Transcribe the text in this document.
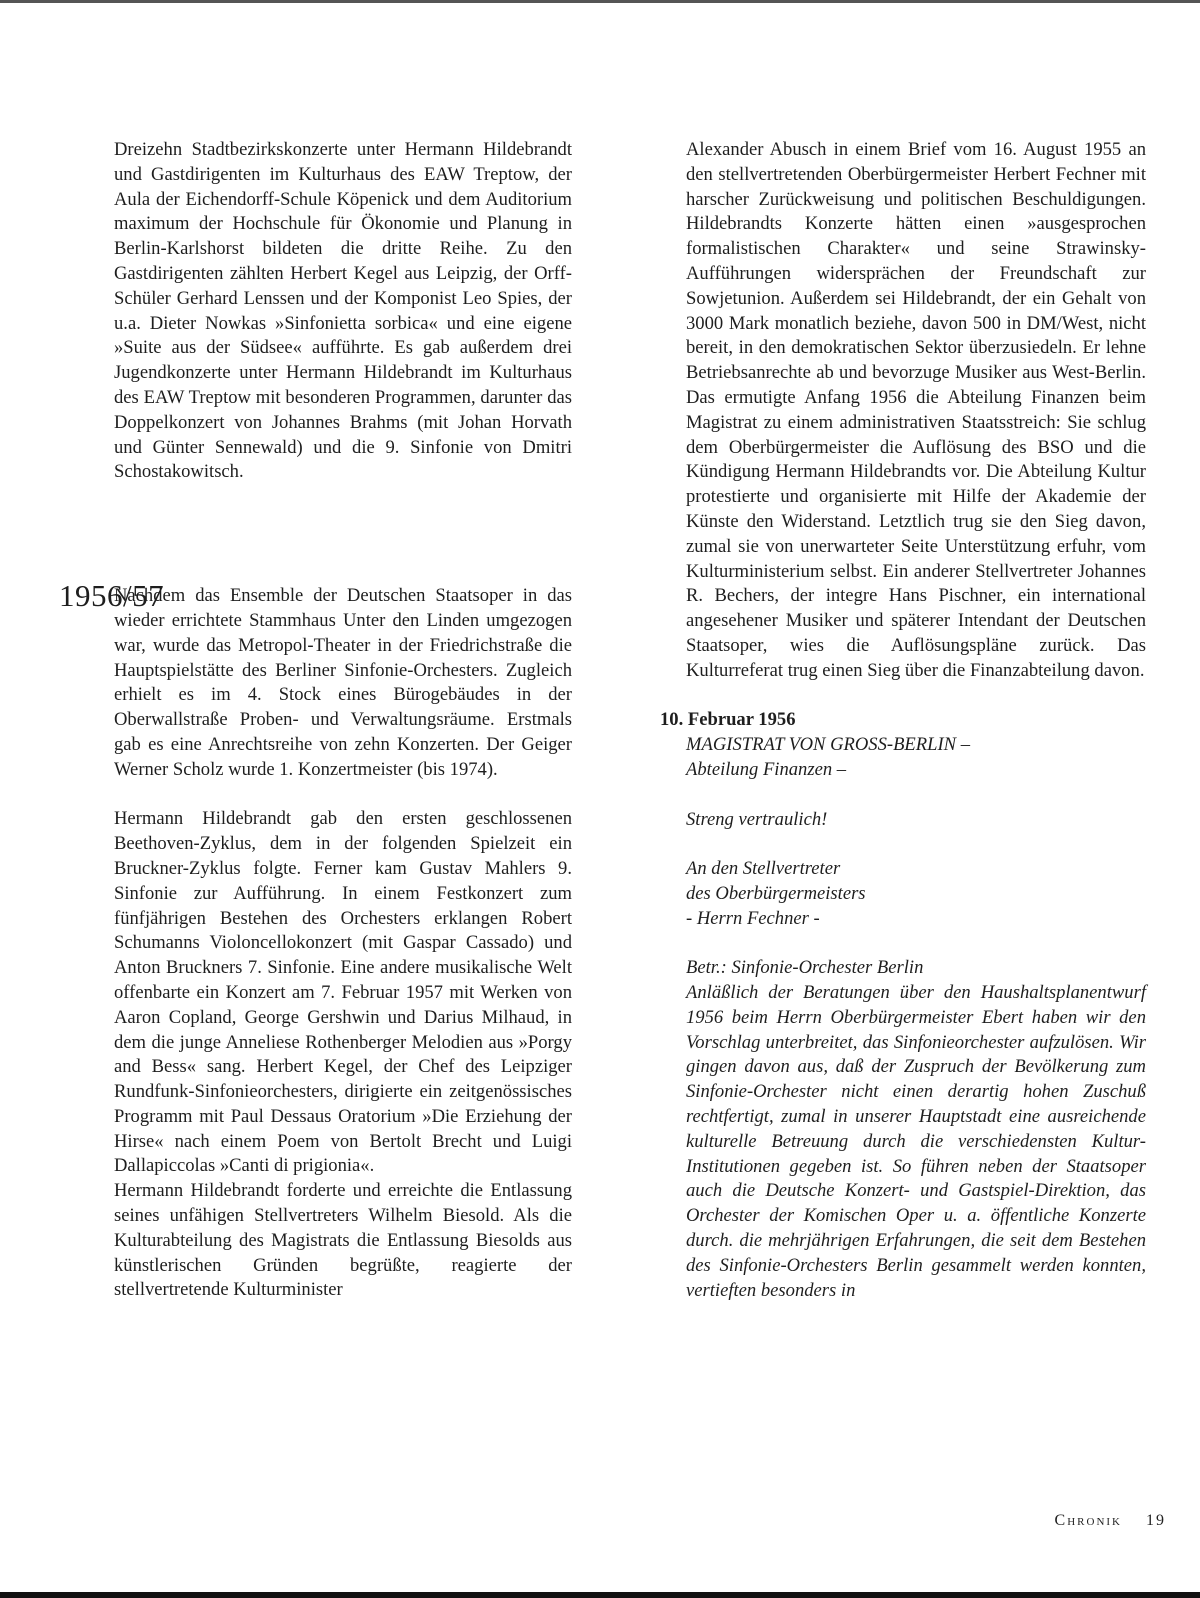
Dreizehn Stadtbezirkskonzerte unter Hermann Hildebrandt und Gastdirigenten im Kulturhaus des EAW Treptow, der Aula der Eichendorff-Schule Köpenick und dem Auditorium maximum der Hochschule für Ökonomie und Planung in Berlin-Karlshorst bildeten die dritte Reihe. Zu den Gastdirigenten zählten Herbert Kegel aus Leipzig, der Orff-Schüler Gerhard Lenssen und der Komponist Leo Spies, der u.a. Dieter Nowkas »Sinfonietta sorbica« und eine eigene »Suite aus der Südsee« aufführte. Es gab außerdem drei Jugendkonzerte unter Hermann Hildebrandt im Kulturhaus des EAW Treptow mit besonderen Programmen, darunter das Doppelkonzert von Johannes Brahms (mit Johan Horvath und Günter Sennewald) und die 9. Sinfonie von Dmitri Schostakowitsch.

Nachdem das Ensemble der Deutschen Staatsoper in das wieder errichtete Stammhaus Unter den Linden umgezogen war, wurde das Metropol-Theater in der Friedrichstraße die Hauptspielstätte des Berliner Sinfonie-Orchesters. Zugleich erhielt es im 4. Stock eines Bürogebäudes in der Oberwallstraße Proben- und Verwaltungsräume. Erstmals gab es eine Anrechtsreihe von zehn Konzerten. Der Geiger Werner Scholz wurde 1. Konzertmeister (bis 1974).

Hermann Hildebrandt gab den ersten geschlossenen Beethoven-Zyklus, dem in der folgenden Spielzeit ein Bruckner-Zyklus folgte. Ferner kam Gustav Mahlers 9. Sinfonie zur Aufführung. In einem Festkonzert zum fünfjährigen Bestehen des Orchesters erklangen Robert Schumanns Violoncellokonzert (mit Gaspar Cassado) und Anton Bruckners 7. Sinfonie. Eine andere musikalische Welt offenbarte ein Konzert am 7. Februar 1957 mit Werken von Aaron Copland, George Gershwin und Darius Milhaud, in dem die junge Anneliese Rothenberger Melodien aus »Porgy and Bess« sang. Herbert Kegel, der Chef des Leipziger Rundfunk-Sinfonieorchesters, dirigierte ein zeitgenössisches Programm mit Paul Dessaus Oratorium »Die Erziehung der Hirse« nach einem Poem von Bertolt Brecht und Luigi Dallapiccolas »Canti di prigionia«.

Hermann Hildebrandt forderte und erreichte die Entlassung seines unfähigen Stellvertreters Wilhelm Biesold. Als die Kulturabteilung des Magistrats die Entlassung Biesolds aus künstlerischen Gründen begrüßte, reagierte der stellvertretende Kulturminister

1956/57

Alexander Abusch in einem Brief vom 16. August 1955 an den stellvertretenden Oberbürgermeister Herbert Fechner mit harscher Zurückweisung und politischen Beschuldigungen. Hildebrandts Konzerte hätten einen »ausgesprochen formalistischen Charakter« und seine Strawinsky-Aufführungen widersprächen der Freundschaft zur Sowjetunion. Außerdem sei Hildebrandt, der ein Gehalt von 3000 Mark monatlich beziehe, davon 500 in DM/West, nicht bereit, in den demokratischen Sektor überzusiedeln. Er lehne Betriebsanrechte ab und bevorzuge Musiker aus West-Berlin. Das ermutigte Anfang 1956 die Abteilung Finanzen beim Magistrat zu einem administrativen Staatsstreich: Sie schlug dem Oberbürgermeister die Auflösung des BSO und die Kündigung Hermann Hildebrandts vor. Die Abteilung Kultur protestierte und organisierte mit Hilfe der Akademie der Künste den Widerstand. Letztlich trug sie den Sieg davon, zumal sie von unerwarteter Seite Unterstützung erfuhr, vom Kulturministerium selbst. Ein anderer Stellvertreter Johannes R. Bechers, der integre Hans Pischner, ein international angesehener Musiker und späterer Intendant der Deutschen Staatsoper, wies die Auflösungspläne zurück. Das Kulturreferat trug einen Sieg über die Finanzabteilung davon.

10. Februar 1956

MAGISTRAT VON GROSS-BERLIN –

Abteilung Finanzen –

Streng vertraulich!

An den Stellvertreter

des Oberbürgermeisters

- Herrn Fechner -

Betr.: Sinfonie-Orchester Berlin

Anläßlich der Beratungen über den Haushaltsplanentwurf 1956 beim Herrn Oberbürgermeister Ebert haben wir den Vorschlag unterbreitet, das Sinfonieorchester aufzulösen. Wir gingen davon aus, daß der Zuspruch der Bevölkerung zum Sinfonie-Orchester nicht einen derartig hohen Zuschuß rechtfertigt, zumal in unserer Hauptstadt eine ausreichende kulturelle Betreuung durch die verschiedensten Kultur-Institutionen gegeben ist. So führen neben der Staatsoper auch die Deutsche Konzert- und Gastspiel-Direktion, das Orchester der Komischen Oper u. a. öffentliche Konzerte durch. die mehrjährigen Erfahrungen, die seit dem Bestehen des Sinfonie-Orchesters Berlin gesammelt werden konnten, vertieften besonders in

Chronik 19
